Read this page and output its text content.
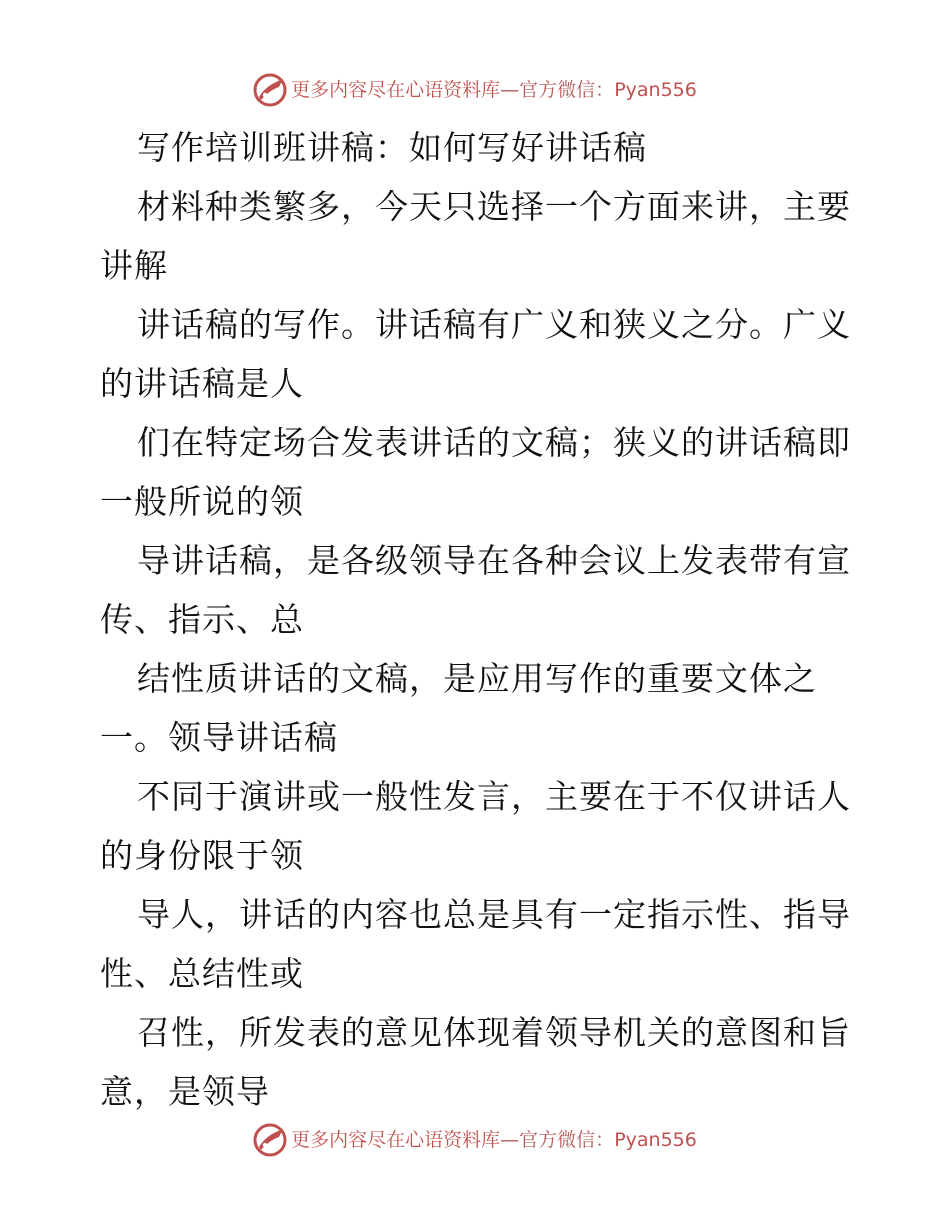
更多内容尽在心语资料库—官方微信：Pyan556

写作培训班讲稿：如何写好讲话稿

材料种类繁多，今天只选择一个方面来讲，主要
讲解

讲话稿的写作。讲话稿有广义和狭义之分。广义
的讲话稿是人

们在特定场合发表讲话的文稿；狭义的讲话稿即
一般所说的领

导讲话稿，是各级领导在各种会议上发表带有宣
传、指示、总

结性质讲话的文稿，是应用写作的重要文体之
一。领导讲话稿

不同于演讲或一般性发言，主要在于不仅讲话人
的身份限于领

导人，讲话的内容也总是具有一定指示性、指导
性、总结性或

召性，所发表的意见体现着领导机关的意图和旨
意，是领导

更多内容尽在心语资料库—官方微信：Pyan556
